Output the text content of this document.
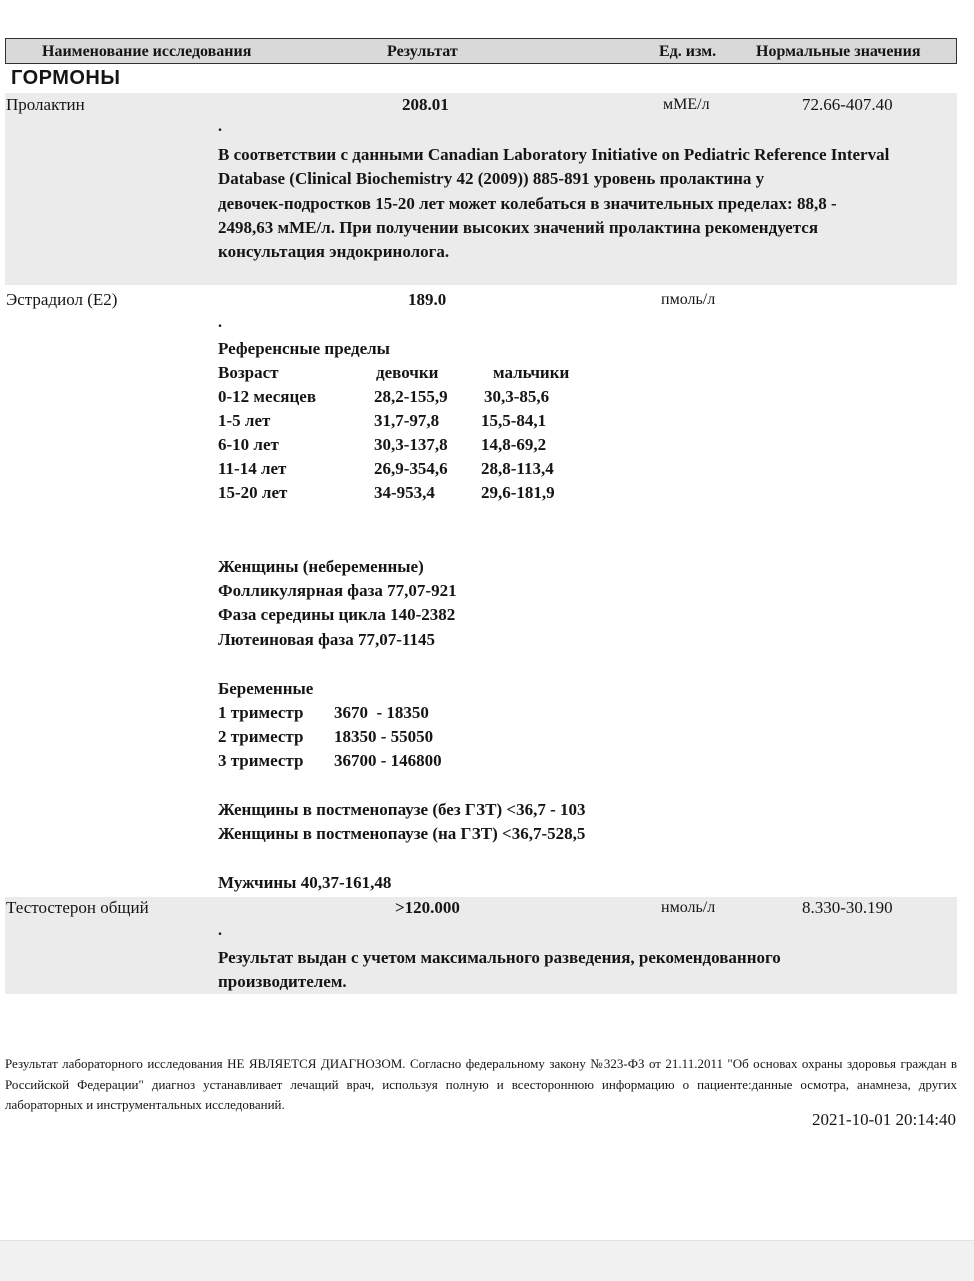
Наименование исследования	Результат	Ед. изм. Нормальные значения
ГОРМОНЫ
Пролактин	208.01	мМЕ/л	72.66-407.40
.

В соответствии с данными Canadian Laboratory Initiative on Pediatric Reference Interval

Database (Clinical Biochemistry 42 (2009)) 885-891 уровень пролактина у

девочек-подростков 15-20 лет может колебаться в значительных пределах: 88,8 -

2498,63 мМЕ/л. При получении высоких значений пролактина рекомендуется

консультация эндокринолога.

Эстрадиол (E2)	189.0	пмоль/л
.
Референсные пределы
Возраст	девочки	мальчики
0-12 месяцев	28,2-155,9 30,3-85,6
1-5 лет	31,7-97,8 15,5-84,1
6-10 лет	30,3-137,8 14,8-69,2
11-14 лет	26,9-354,6 28,8-113,4
15-20 лет	34-953,4	29,6-181,9
Женщины (небеременные)
Фолликулярная фаза 77,07-921
Фаза середины цикла 140-2382
Лютеиновая фаза 77,07-1145
Беременные
1 триместр 3670  - 18350
2 триместр 18350 - 55050
3 триместр 36700 - 146800
Женщины в постменопаузе (без ГЗТ) <36,7 - 103
Женщины в постменопаузе (на ГЗТ) <36,7-528,5
Мужчины 40,37-161,48
Тестостерон общий	>120.000	нмоль/л	8.330-30.190
.

Результат выдан с учетом максимального разведения, рекомендованного

производителем.

Результат лабораторного исследования НЕ ЯВЛЯЕТСЯ ДИАГНОЗОМ. Согласно федеральному закону №323-ФЗ от 21.11.2011 "Об основах охраны здоровья граждан в Российской Федерации" диагноз устанавливает лечащий врач, используя полную и всестороннюю информацию о пациенте:данные осмотра, анамнеза, других лабораторных и инструментальных исследований.
2021-10-01 20:14:40
